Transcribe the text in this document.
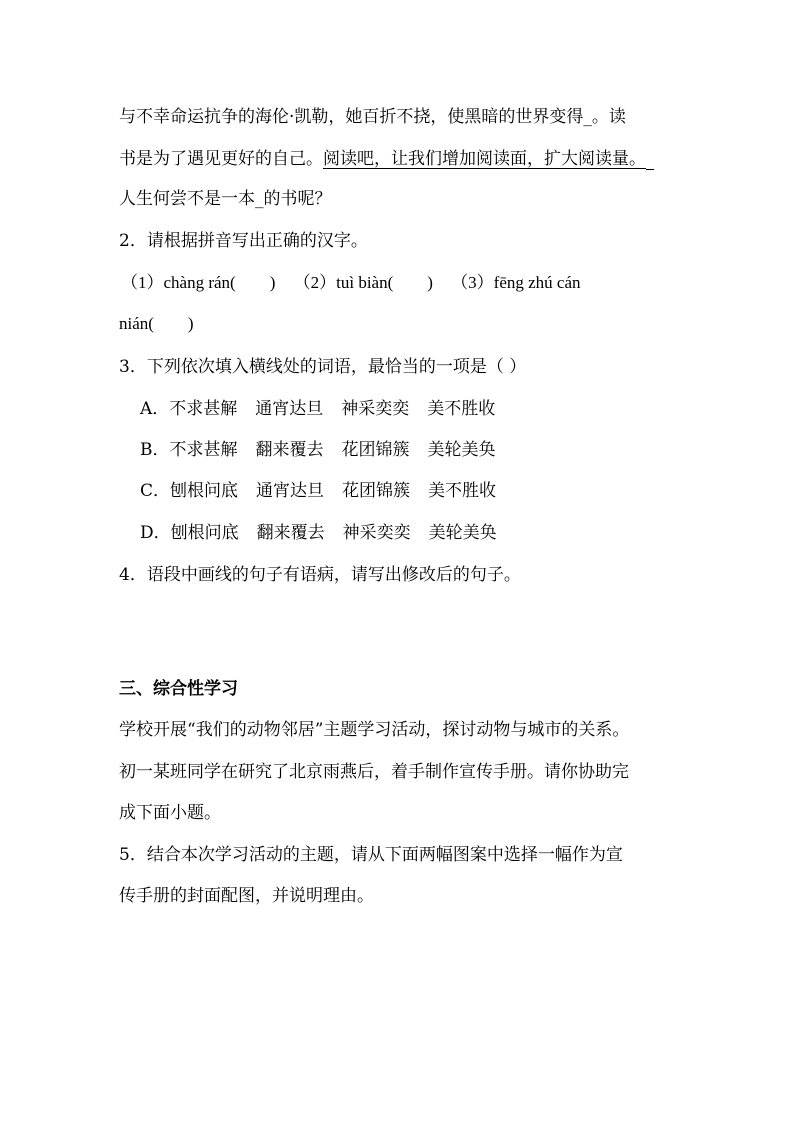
与不幸命运抗争的海伦·凯勒，她百折不挠，使黑暗的世界变得_。读
书是为了遇见更好的自己。阅读吧，让我们增加阅读面，扩大阅读量。
人生何尝不是一本_的书呢？
2．请根据拼音写出正确的汉字。
（1）chàng rán(　　) （2）tuì biàn(　　) （3）fēng zhú cán
nián(　　)
3．下列依次填入横线处的词语，最恰当的一项是（ ）
A．不求甚解 通宵达旦 神采奕奕 美不胜收
B．不求甚解 翻来覆去 花团锦簇 美轮美奂
C．刨根问底 通宵达旦 花团锦簇 美不胜收
D．刨根问底 翻来覆去 神采奕奕 美轮美奂
4．语段中画线的句子有语病，请写出修改后的句子。
三、综合性学习
学校开展“我们的动物邻居”主题学习活动，探讨动物与城市的关系。
初一某班同学在研究了北京雨燕后，着手制作宣传手册。请你协助完
成下面小题。
5．结合本次学习活动的主题，请从下面两幅图案中选择一幅作为宣
传手册的封面配图，并说明理由。
